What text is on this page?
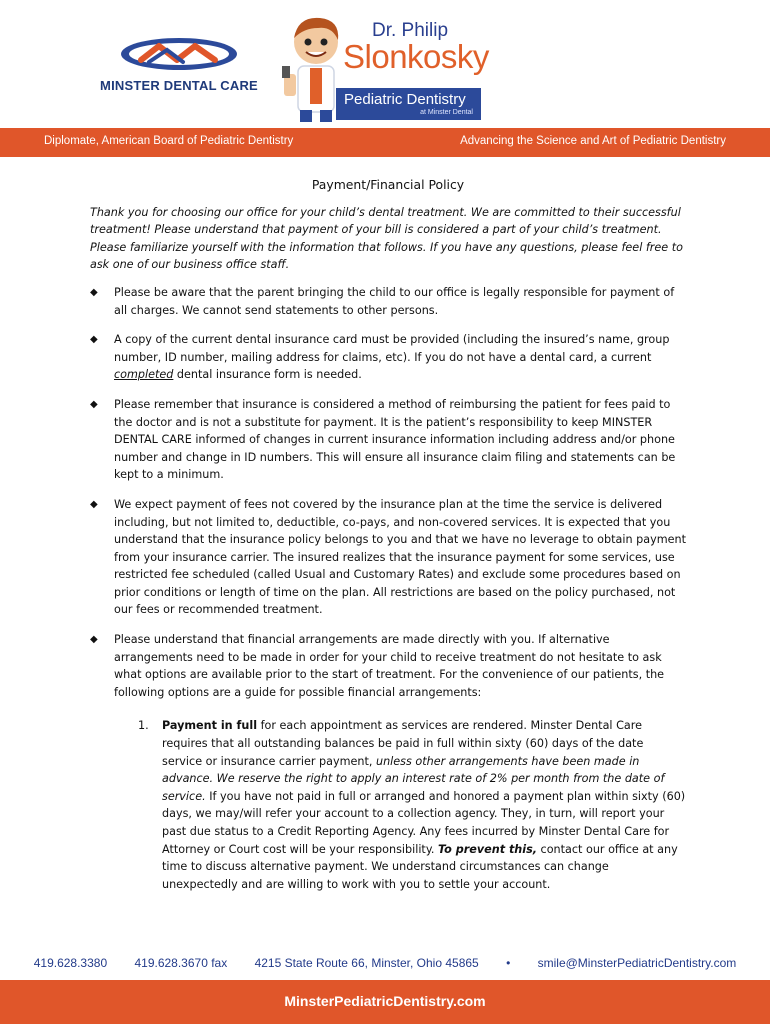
MINSTER DENTAL CARE
Dr. Philip
Slonkosky
Pediatric Dentistry
at Minster Dental
Diplomate, American Board of Pediatric Dentistry	Advancing the Science and Art of Pediatric Dentistry
Payment/Financial Policy

Thank you for choosing our office for your child’s dental treatment. We are committed to their successful treatment! Please understand that payment of your bill is considered a part of your child’s treatment. Please familiarize yourself with the information that follows. If you have any questions, please feel free to ask one of our business office staff.

◆ Please be aware that the parent bringing the child to our office is legally responsible for payment of all charges. We cannot send statements to other persons.
◆ A copy of the current dental insurance card must be provided (including the insured’s name, group number, ID number, mailing address for claims, etc). If you do not have a dental card, a current completed dental insurance form is needed.
◆ Please remember that insurance is considered a method of reimbursing the patient for fees paid to the doctor and is not a substitute for payment. It is the patient’s responsibility to keep MINSTER DENTAL CARE informed of changes in current insurance information including address and/or phone number and change in ID numbers. This will ensure all insurance claim filing and statements can be kept to a minimum.
◆ We expect payment of fees not covered by the insurance plan at the time the service is delivered including, but not limited to, deductible, co-pays, and non-covered services. It is expected that you understand that the insurance policy belongs to you and that we have no leverage to obtain payment from your insurance carrier. The insured realizes that the insurance payment for some services, use restricted fee scheduled (called Usual and Customary Rates) and exclude some procedures based on prior conditions or length of time on the plan. All restrictions are based on the policy purchased, not our fees or recommended treatment.
◆ Please understand that financial arrangements are made directly with you. If alternative arrangements need to be made in order for your child to receive treatment do not hesitate to ask what options are available prior to the start of treatment. For the convenience of our patients, the following options are a guide for possible financial arrangements:
1. Payment in full for each appointment as services are rendered. Minster Dental Care requires that all outstanding balances be paid in full within sixty (60) days of the date service or insurance carrier payment, unless other arrangements have been made in advance. We reserve the right to apply an interest rate of 2% per month from the date of service. If you have not paid in full or arranged and honored a payment plan within sixty (60) days, we may/will refer your account to a collection agency. They, in turn, will report your past due status to a Credit Reporting Agency. Any fees incurred by Minster Dental Care for Attorney or Court cost will be your responsibility. To prevent this, contact our office at any time to discuss alternative payment. We understand circumstances can change unexpectedly and are willing to work with you to settle your account.
419.628.3380 419.628.3670 fax 4215 State Route 66, Minster, Ohio 45865 • smile@MinsterPediatricDentistry.com
MinsterPediatricDentistry.com
